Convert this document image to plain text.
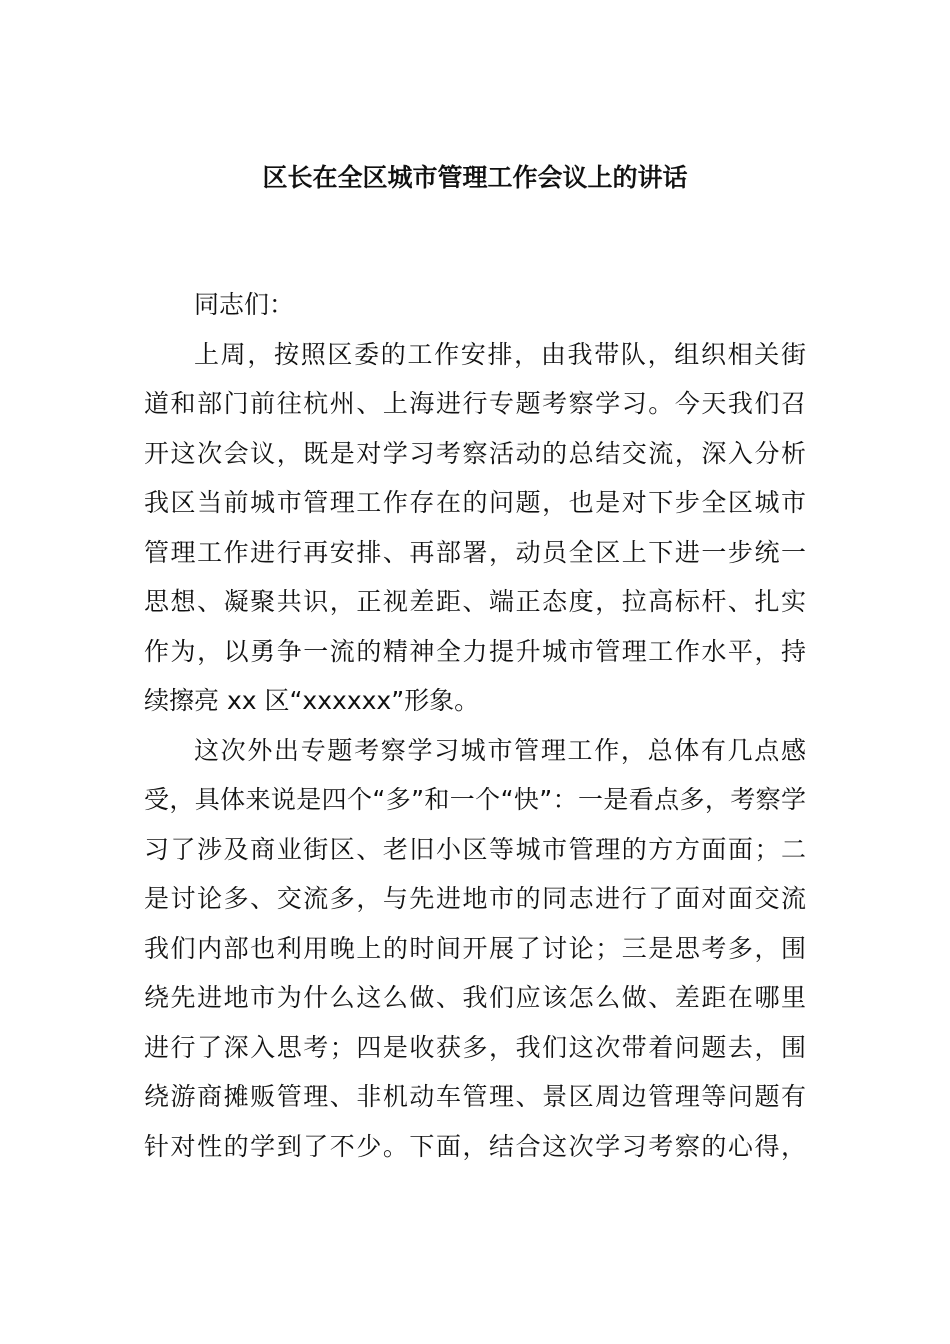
区长在全区城市管理工作会议上的讲话
同志们：
上周，按照区委的工作安排，由我带队，组织相关街
道和部门前往杭州、上海进行专题考察学习。今天我们召
开这次会议，既是对学习考察活动的总结交流，深入分析
我区当前城市管理工作存在的问题，也是对下步全区城市
管理工作进行再安排、再部署，动员全区上下进一步统一
思想、凝聚共识，正视差距、端正态度，拉高标杆、扎实
作为，以勇争一流的精神全力提升城市管理工作水平，持
续擦亮 xx 区“xxxxxx”形象。
这次外出专题考察学习城市管理工作，总体有几点感
受，具体来说是四个“多”和一个“快”：一是看点多，考察学
习了涉及商业街区、老旧小区等城市管理的方方面面；二
是讨论多、交流多，与先进地市的同志进行了面对面交流
我们内部也利用晚上的时间开展了讨论；三是思考多，围
绕先进地市为什么这么做、我们应该怎么做、差距在哪里
进行了深入思考；四是收获多，我们这次带着问题去，围
绕游商摊贩管理、非机动车管理、景区周边管理等问题有
针对性的学到了不少。下面，结合这次学习考察的心得，
